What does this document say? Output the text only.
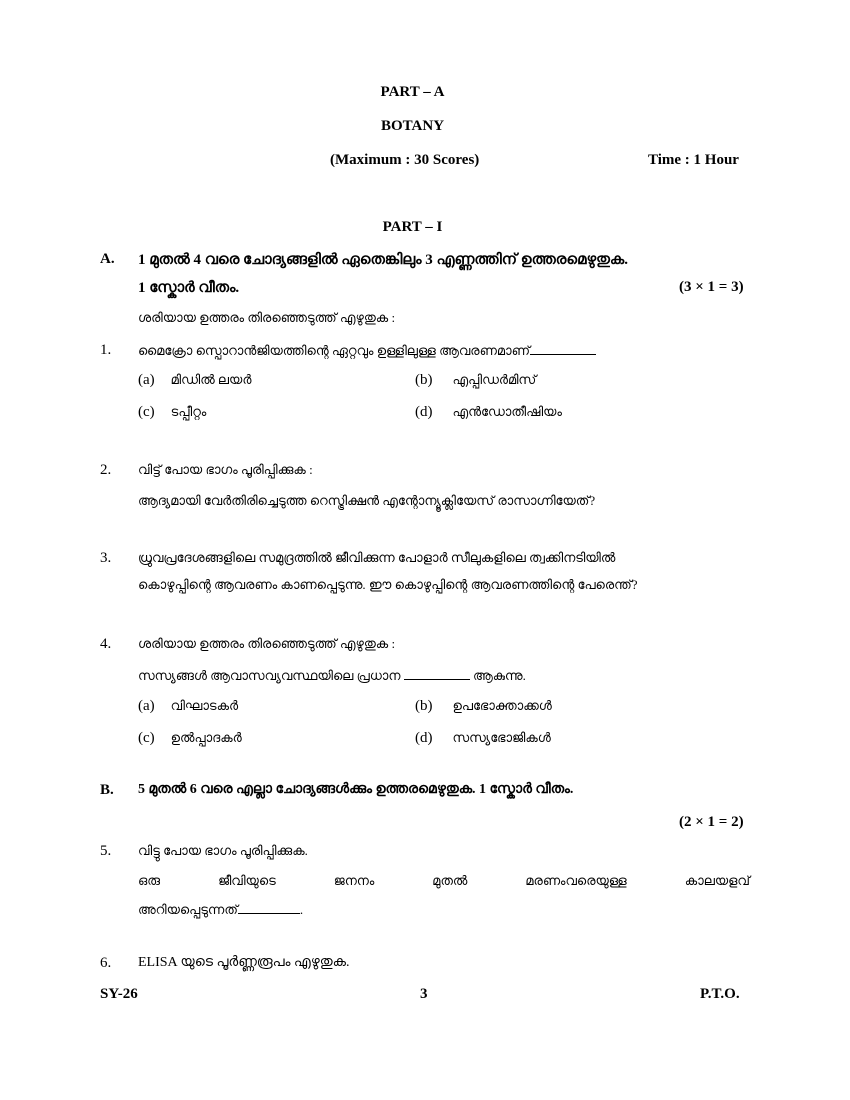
PART – A
BOTANY
(Maximum : 30 Scores)	Time : 1 Hour
PART – I
A. 1 മുതൽ 4 വരെ ചോദ്യങ്ങളിൽ ഏതെങ്കിലും 3 എണ്ണത്തിന് ഉത്തരമെഴുതുക.
1 സ്കോർ വീതം.	(3 × 1 = 3)
ശരിയായ ഉത്തരം തിരഞ്ഞെടുത്ത് എഴുതുക :
1. മൈക്രോ സ്പൊറാൻജിയത്തിന്റെ ഏറ്റവും ഉള്ളിലുള്ള ആവരണമാണ്
(a) മിഡിൽ ലയർ	(b) എപ്പിഡർമിസ്
(c) ടപ്പീറ്റം	(d) എൻഡോതീഷിയം
2. വിട്ട് പോയ ഭാഗം പൂരിപ്പിക്കുക :
ആദ്യമായി വേർതിരിച്ചെടുത്ത റെസ്ട്രിക്ഷൻ എന്റോന്യൂക്ലിയേസ് രാസാഗ്നിയേത്?
3. ധ്രുവപ്രദേശങ്ങളിലെ സമുദ്രത്തിൽ ജീവിക്കുന്ന പോളാർ സീലുകളിലെ ത്വക്കിനടിയിൽ
കൊഴുപ്പിന്റെ ആവരണം കാണപ്പെടുന്നു. ഈ കൊഴുപ്പിന്റെ ആവരണത്തിന്റെ പേരെന്ത്?
4. ശരിയായ ഉത്തരം തിരഞ്ഞെടുത്ത് എഴുതുക :
സസ്യങ്ങൾ ആവാസവ്യവസ്ഥയിലെ പ്രധാന	ആകുന്നു.
(a) വിഘാടകർ	(b) ഉപഭോക്താക്കൾ
(c) ഉൽപ്പാദകർ	(d) സസ്യഭോജികൾ
B. 5 മുതൽ 6 വരെ എല്ലാ ചോദ്യങ്ങൾക്കും ഉത്തരമെഴുതുക. 1 സ്കോർ വീതം.
(2 × 1 = 2)
5. വിട്ടു പോയ ഭാഗം പൂരിപ്പിക്കുക.
ഒരു	ജീവിയുടെ	ജനനം	മുതൽ	മരണംവരെയുള്ള	കാലയളവ്
അറിയപ്പെടുന്നത്	.
6. ELISA യുടെ പൂർണ്ണരൂപം എഴുതുക.
SY-26	3	P.T.O.
